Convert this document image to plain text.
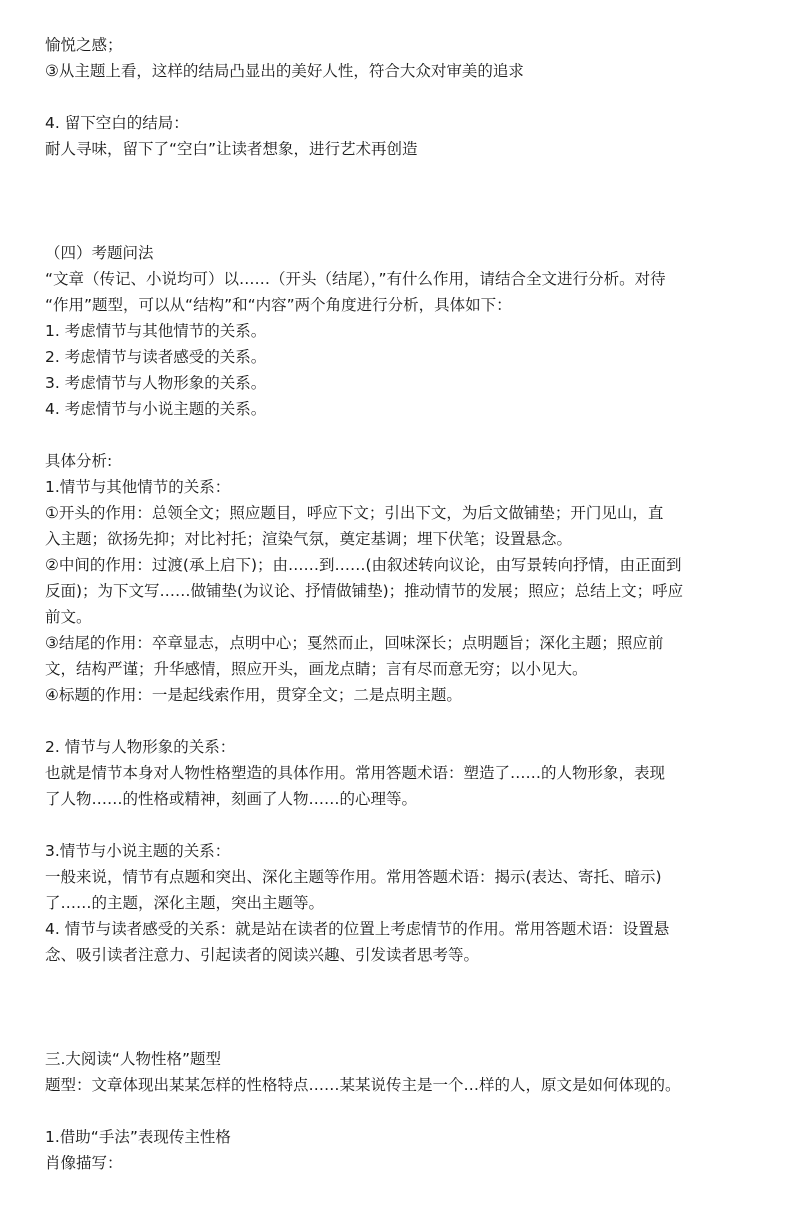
愉悦之感；
③从主题上看，这样的结局凸显出的美好人性，符合大众对审美的追求
4. 留下空白的结局：
耐人寻味，留下了“空白”让读者想象，进行艺术再创造
（四）考题问法
“文章（传记、小说均可）以……（开头（结尾），”有什么作用，请结合全文进行分析。对待
“作用”题型，可以从“结构”和“内容”两个角度进行分析，具体如下：
1. 考虑情节与其他情节的关系。
2. 考虑情节与读者感受的关系。
3. 考虑情节与人物形象的关系。
4. 考虑情节与小说主题的关系。
具体分析:
1.情节与其他情节的关系：
①开头的作用：总领全文；照应题目，呼应下文；引出下文，为后文做铺垫；开门见山，直
入主题；欲扬先抑；对比衬托；渲染气氛，奠定基调；埋下伏笔；设置悬念。
②中间的作用：过渡(承上启下)；由……到……(由叙述转向议论，由写景转向抒情，由正面到
反面)；为下文写……做铺垫(为议论、抒情做铺垫)；推动情节的发展；照应；总结上文；呼应
前文。
③结尾的作用：卒章显志，点明中心；戛然而止，回味深长；点明题旨；深化主题；照应前
文，结构严谨；升华感情，照应开头，画龙点睛；言有尽而意无穷；以小见大。
④标题的作用：一是起线索作用，贯穿全文；二是点明主题。
2. 情节与人物形象的关系：
也就是情节本身对人物性格塑造的具体作用。常用答题术语：塑造了……的人物形象，表现
了人物……的性格或精神，刻画了人物……的心理等。
3.情节与小说主题的关系：
一般来说，情节有点题和突出、深化主题等作用。常用答题术语：揭示(表达、寄托、暗示)
了……的主题，深化主题，突出主题等。
4. 情节与读者感受的关系：就是站在读者的位置上考虑情节的作用。常用答题术语：设置悬
念、吸引读者注意力、引起读者的阅读兴趣、引发读者思考等。
三.大阅读“人物性格”题型
题型：文章体现出某某怎样的性格特点……某某说传主是一个…样的人，原文是如何体现的。
1.借助“手法”表现传主性格
肖像描写：
